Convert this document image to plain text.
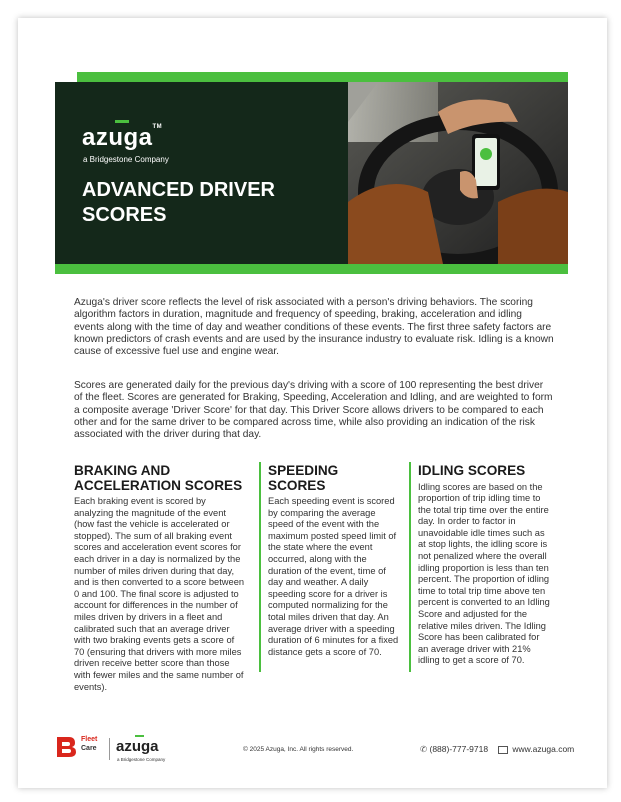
azuga™
a Bridgestone Company
ADVANCED DRIVER SCORES

Azuga's driver score reflects the level of risk associated with a person's driving behaviors. The scoring algorithm factors in duration, magnitude and frequency of speeding, braking, acceleration and idling events along with the time of day and weather conditions of these events. The first three safety factors are known predictors of crash events and are used by the insurance industry to evaluate risk. Idling is a known cause of excessive fuel use and engine wear.

Scores are generated daily for the previous day's driving with a score of 100 representing the best driver of the fleet. Scores are generated for Braking, Speeding, Acceleration and Idling, and are weighted to form a composite average 'Driver Score' for that day. This Driver Score allows drivers to be compared to each other and for the same driver to be compared across time, while also providing an indication of the risk associated with the driver during that day.

BRAKING AND ACCELERATION SCORES

Each braking event is scored by analyzing the magnitude of the event (how fast the vehicle is accelerated or stopped). The sum of all braking event scores and acceleration event scores for each driver in a day is normalized by the number of miles driven during that day, and is then converted to a score between 0 and 100. The final score is adjusted to account for differences in the number of miles driven by drivers in a fleet and calibrated such that an average driver with two braking events gets a score of 70 (ensuring that drivers with more miles driven receive better score than those with fewer miles and the same number of events).

SPEEDING SCORES

Each speeding event is scored by comparing the average speed of the event with the maximum posted speed limit of the state where the event occurred, along with the duration of the event, time of day and weather. A daily speeding score for a driver is computed normalizing for the total miles driven that day. An average driver with a speeding duration of 6 minutes for a fixed distance gets a score of 70.

IDLING SCORES

Idling scores are based on the proportion of trip idling time to the total trip time over the entire day. In order to factor in unavoidable idle times such as at stop lights, the idling score is not penalized where the overall idling proportion is less than ten percent. The proportion of idling time to total trip time above ten percent is converted to an Idling Score and adjusted for the relative miles driven. The Idling Score has been calibrated for an average driver with 21% idling to get a score of 70.

Fleet
Care azuga
a Bridgestone Company
© 2025 Azuga, Inc. All rights reserved.	✆ (888)-777-9718	www.azuga.com
